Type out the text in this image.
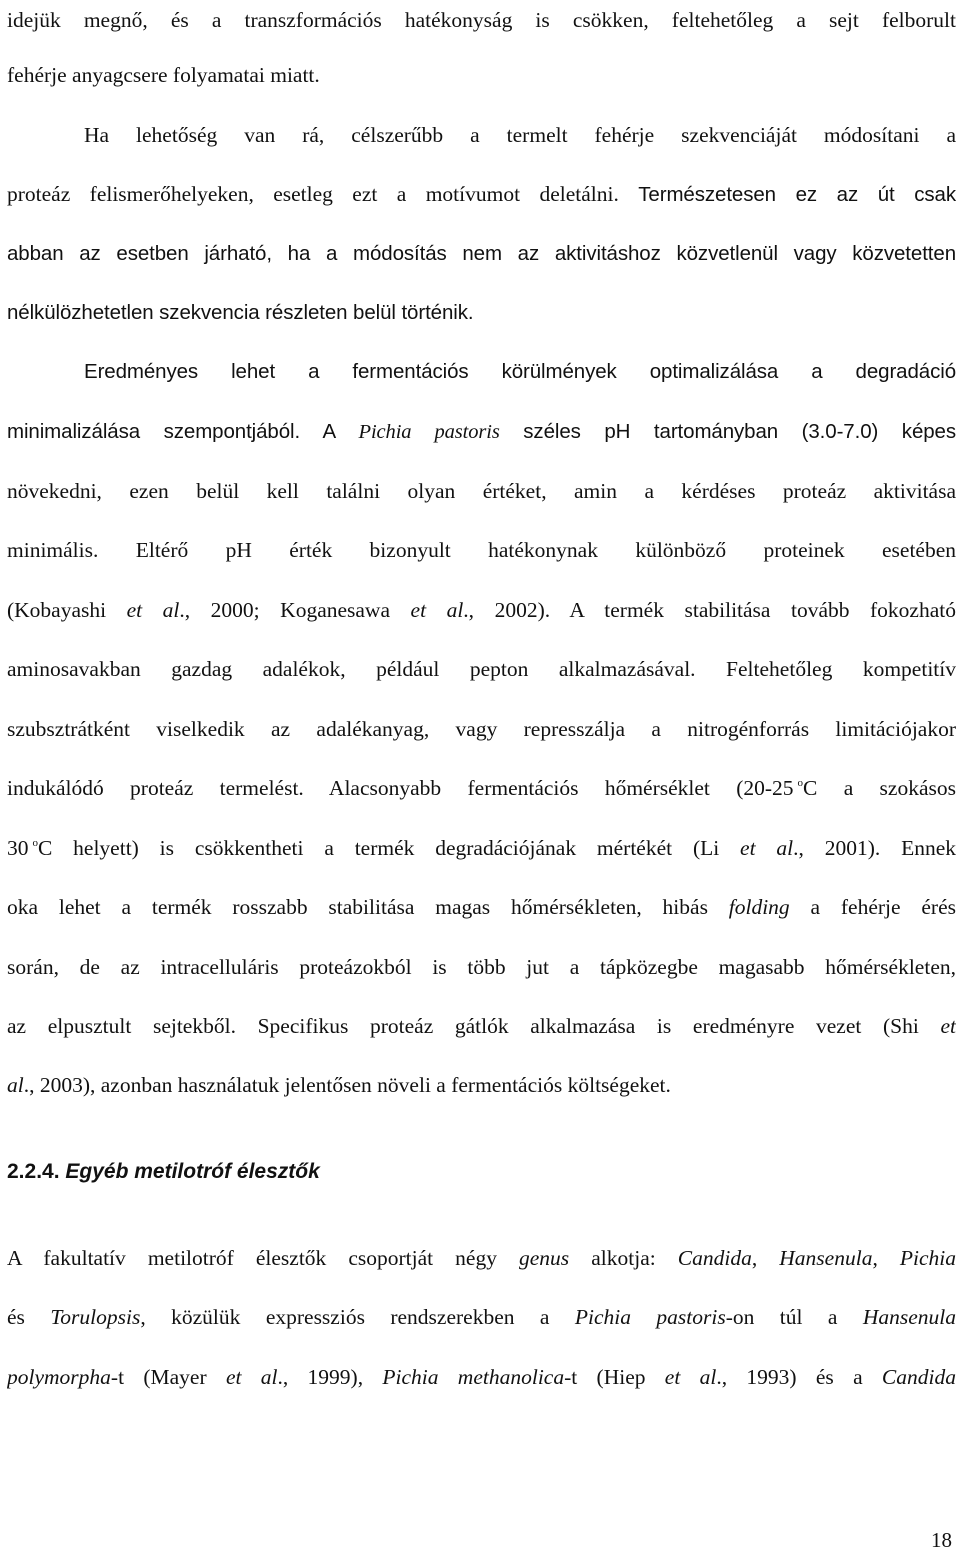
idejük megnő, és a transzformációs hatékonyság is csökken, feltehetőleg a sejt felborult
fehérje anyagcsere folyamatai miatt.
Ha lehetőség van rá, célszerűbb a termelt fehérje szekvenciáját módosítani a
proteáz felismerőhelyeken, esetleg ezt a motívumot deletálni. Természetesen ez az út csak
abban az esetben járható, ha a módosítás nem az aktivitáshoz közvetlenül vagy közvetetten
nélkülözhetetlen szekvencia részleten belül történik.
Eredményes lehet a fermentációs körülmények optimalizálása a degradáció
minimalizálása szempontjából. A Pichia pastoris széles pH tartományban (3.0-7.0) képes
növekedni, ezen belül kell találni olyan értéket, amin a kérdéses proteáz aktivitása
minimális. Eltérő pH érték bizonyult hatékonynak különböző proteinek esetében
(Kobayashi et al., 2000; Koganesawa et al., 2002). A termék stabilitása tovább fokozható
aminosavakban gazdag adalékok, például pepton alkalmazásával. Feltehetőleg kompetitív
szubsztrátként viselkedik az adalékanyag, vagy represszálja a nitrogénforrás limitációjakor
indukálódó proteáz termelést. Alacsonyabb fermentációs hőmérséklet (20-25 $^o$C a szokásos
30 $^o$C helyett) is csökkentheti a termék degradációjának mértékét (Li et al., 2001). Ennek
oka lehet a termék rosszabb stabilitása magas hőmérsékleten, hibás folding a fehérje érés
során, de az intracelluláris proteázokból is több jut a tápközegbe magasabb hőmérsékleten,
az elpusztult sejtekből. Specifikus proteáz gátlók alkalmazása is eredményre vezet (Shi et
al., 2003), azonban használatuk jelentősen növeli a fermentációs költségeket.
2.2.4. Egyéb metilotróf élesztők
A fakultatív metilotróf élesztők csoportját négy genus alkotja: Candida, Hansenula, Pichia
és Torulopsis, közülük expressziós rendszerekben a Pichia pastoris-on túl a Hansenula
polymorpha-t (Mayer et al., 1999), Pichia methanolica-t (Hiep et al., 1993) és a Candida
18
